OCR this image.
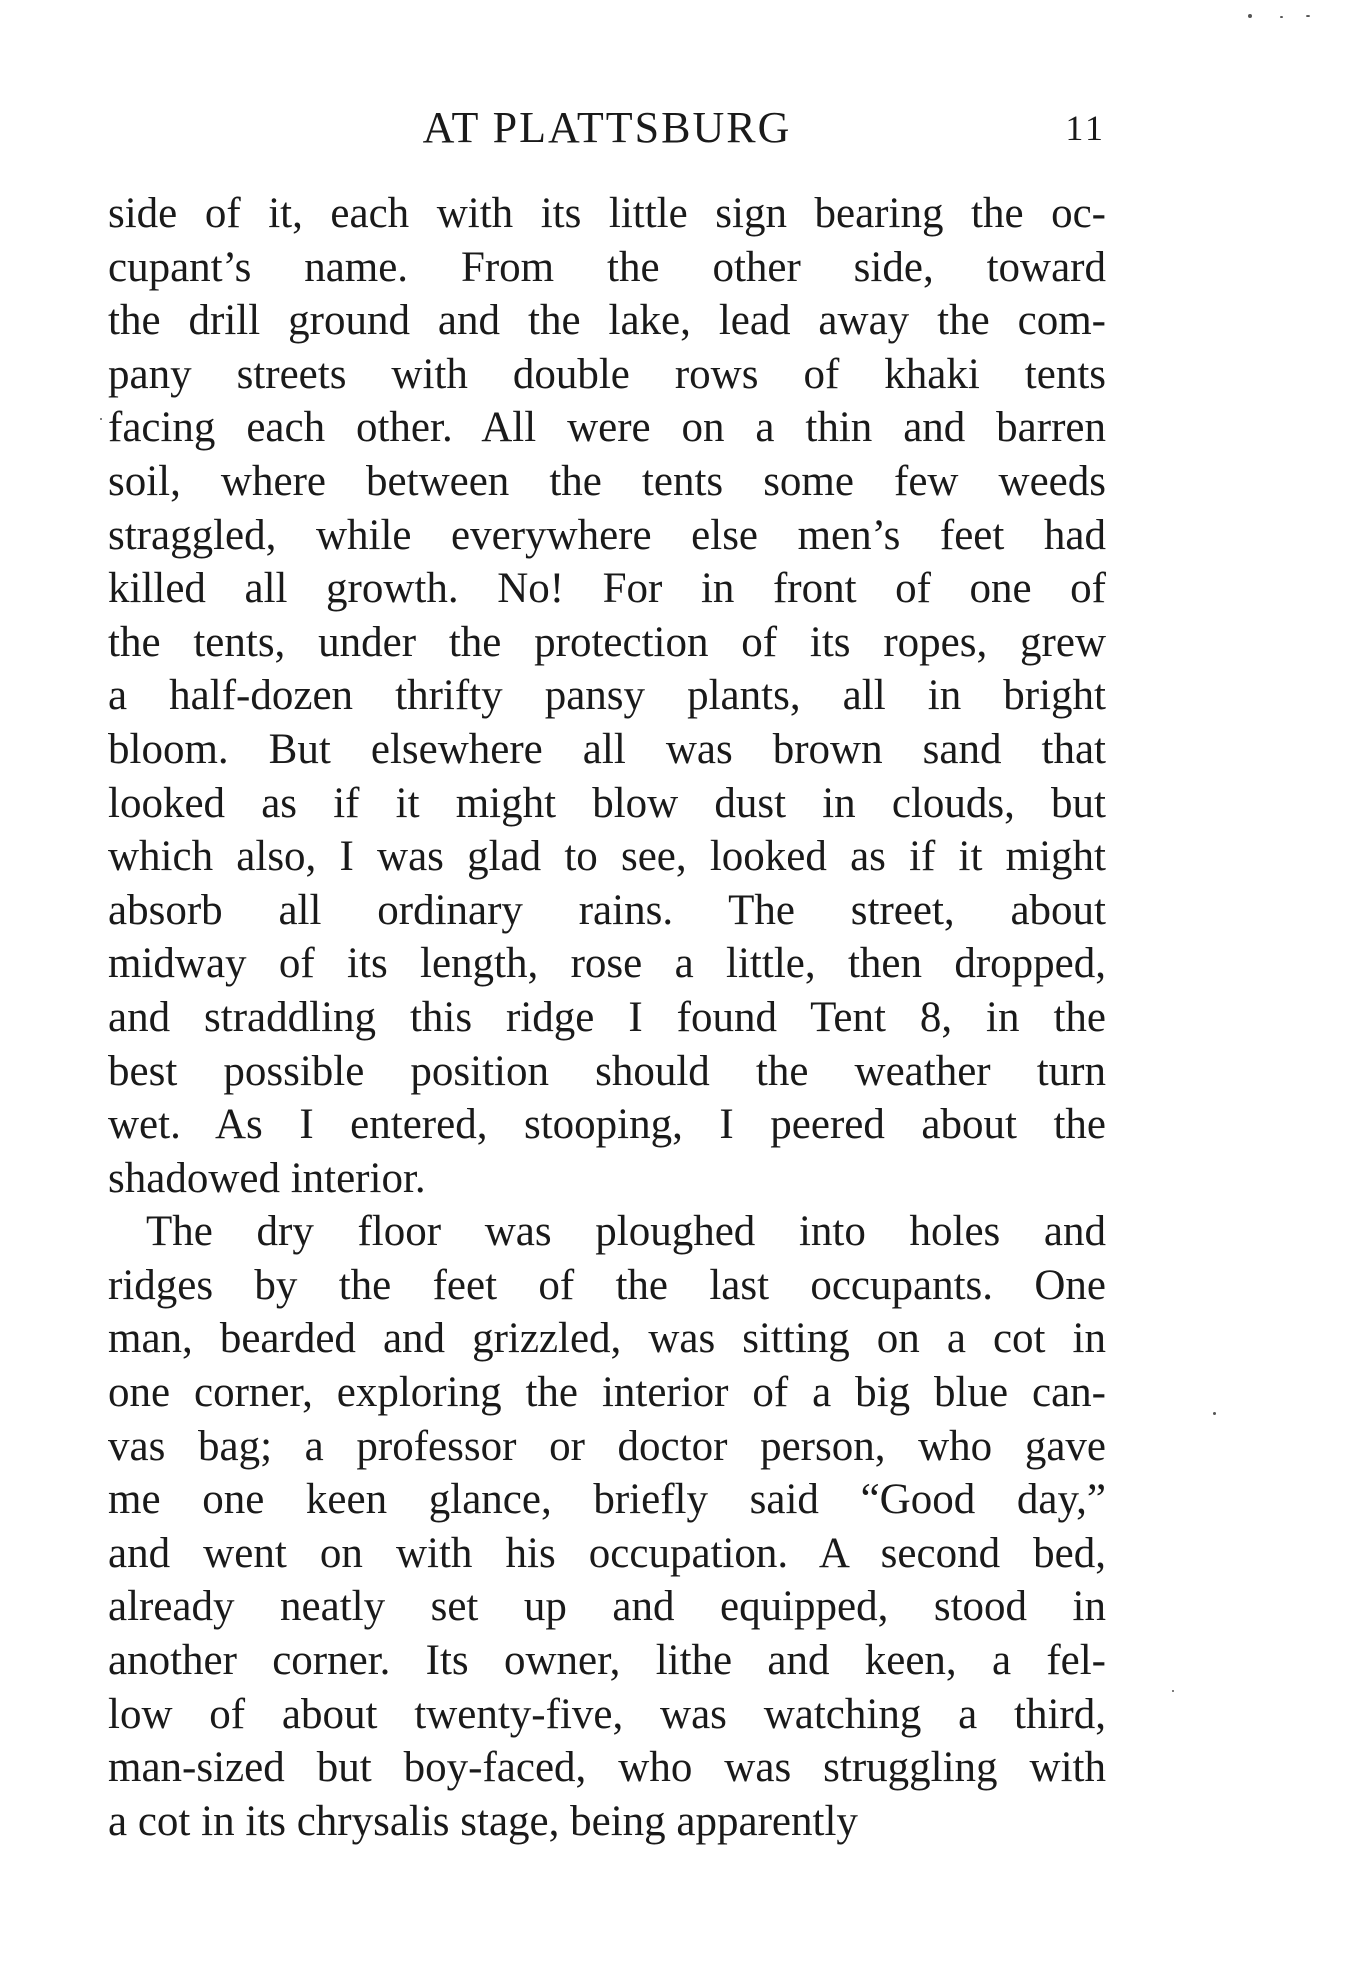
AT PLATTSBURG	11
side of it, each with its little sign bearing the oc-
cupant’s name. From the other side, toward
the drill ground and the lake, lead away the com-
pany streets with double rows of khaki tents
facing each other. All were on a thin and barren
soil, where between the tents some few weeds
straggled, while everywhere else men’s feet had
killed all growth. No! For in front of one of
the tents, under the protection of its ropes, grew
a half-dozen thrifty pansy plants, all in bright
bloom. But elsewhere all was brown sand that
looked as if it might blow dust in clouds, but
which also, I was glad to see, looked as if it might
absorb all ordinary rains. The street, about
midway of its length, rose a little, then dropped,
and straddling this ridge I found Tent 8, in the
best possible position should the weather turn
wet. As I entered, stooping, I peered about the
shadowed interior.
The dry floor was ploughed into holes and
ridges by the feet of the last occupants. One
man, bearded and grizzled, was sitting on a cot in
one corner, exploring the interior of a big blue can-
vas bag; a professor or doctor person, who gave
me one keen glance, briefly said “Good day,”
and went on with his occupation. A second bed,
already neatly set up and equipped, stood in
another corner. Its owner, lithe and keen, a fel-
low of about twenty-five, was watching a third,
man-sized but boy-faced, who was struggling with
a cot in its chrysalis stage, being apparently
